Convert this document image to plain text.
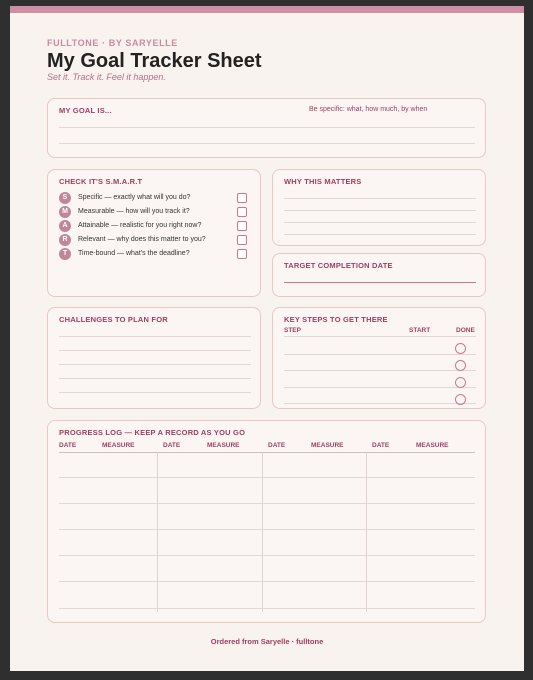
FULLTONE · BY SARYELLE
My Goal Tracker Sheet
Set it. Track it. Feel it happen.
MY GOAL IS...	Be specific: what, how much, by when
CHECK IT'S S.M.A.R.T
S	Specific — exactly what will you do?
M	Measurable — how will you track it?
A	Attainable — realistic for you right now?
R	Relevant — why does this matter to you?
T	Time-bound — what's the deadline?
WHY THIS MATTERS
TARGET COMPLETION DATE
CHALLENGES TO PLAN FOR	KEY STEPS TO GET THERE
STEP	START	DONE
PROGRESS LOG — KEEP A RECORD AS YOU GO
DATE	MEASURE	DATE	MEASURE	DATE	MEASURE	DATE	MEASURE
Ordered from Saryelle · fulltone
